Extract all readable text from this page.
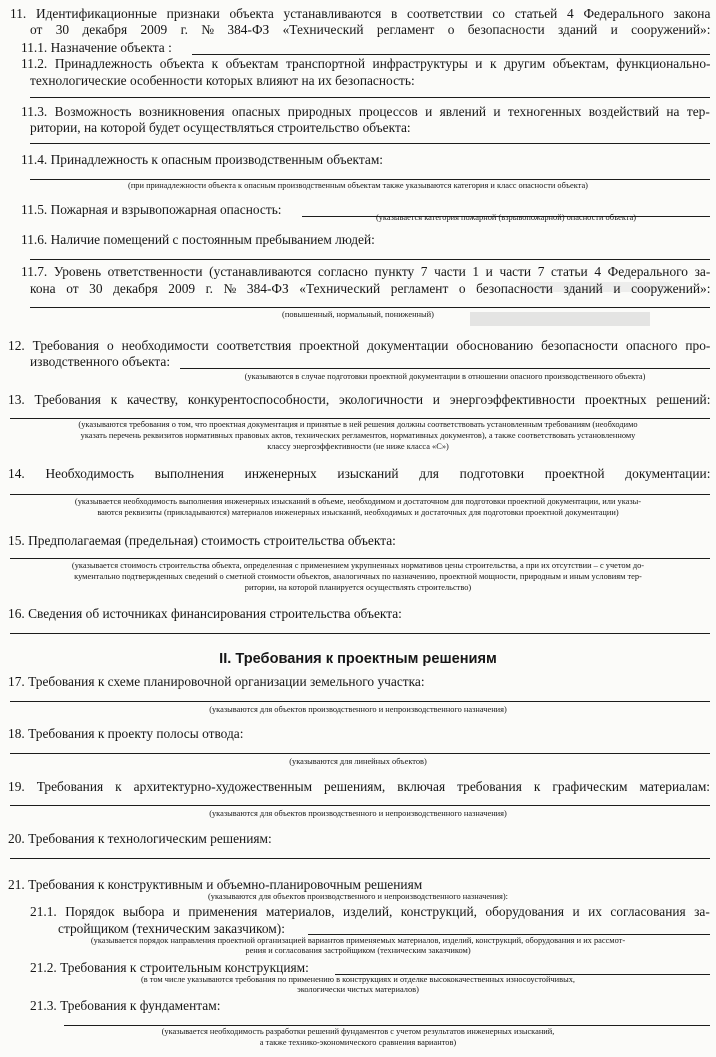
11. Идентификационные признаки объекта устанавливаются в соответствии со статьей 4 Федерального закона
от 30 декабря 2009 г. № 384-ФЗ «Технический регламент о безопасности зданий и сооружений»:
11.1. Назначение объекта :
11.2. Принадлежность объекта к объектам транспортной инфраструктуры и к другим объектам, функционально-
технологические особенности которых влияют на их безопасность:
11.3. Возможность возникновения опасных природных процессов и явлений и техногенных воздействий на тер-
ритории, на которой будет осуществляться строительство объекта:
11.4. Принадлежность к опасным производственным объектам:
(при принадлежности объекта к опасным производственным объектам также указываются категория и класс опасности объекта)
11.5. Пожарная и взрывопожарная опасность:
(указывается категория пожарной (взрывопожарной) опасности объекта)
11.6. Наличие помещений с постоянным пребыванием людей:
11.7. Уровень ответственности (устанавливаются согласно пункту 7 части 1 и части 7 статьи 4 Федерального за-
кона от 30 декабря 2009 г. № 384-ФЗ «Технический регламент о безопасности зданий и сооружений»:
(повышенный, нормальный, пониженный)
12. Требования о необходимости соответствия проектной документации обоснованию безопасности опасного про-
изводственного объекта:
(указываются в случае подготовки проектной документации в отношении опасного производственного объекта)
13. Требования к качеству, конкурентоспособности, экологичности и энергоэффективности проектных решений:
(указываются требования о том, что проектная документация и принятые в ней решения должны соответствовать установленным требованиям (необходимо
указать перечень реквизитов нормативных правовых актов, технических регламентов, нормативных документов), а также соответствовать установленному
классу энергоэффективности (не ниже класса «С»)
14. Необходимость выполнения инженерных изысканий для подготовки проектной документации:
(указывается необходимость выполнения инженерных изысканий в объеме, необходимом и достаточном для подготовки проектной документации, или указы-
ваются реквизиты (прикладываются) материалов инженерных изысканий, необходимых и достаточных для подготовки проектной документации)
15. Предполагаемая (предельная) стоимость строительства объекта:
(указывается стоимость строительства объекта, определенная с применением укрупненных нормативов цены строительства, а при их отсутствии – с учетом до-
кументально подтвержденных сведений о сметной стоимости объектов, аналогичных по назначению, проектной мощности, природным и иным условиям тер-
ритории, на которой планируется осуществлять строительство)
16. Сведения об источниках финансирования строительства объекта:
II. Требования к проектным решениям
17. Требования к схеме планировочной организации земельного участка:
(указываются для объектов производственного и непроизводственного назначения)
18. Требования к проекту полосы отвода:
(указываются для линейных объектов)
19. Требования к архитектурно-художественным решениям, включая требования к графическим материалам:
(указываются для объектов производственного и непроизводственного назначения)
20. Требования к технологическим решениям:
21. Требования к конструктивным и объемно-планировочным решениям
(указываются для объектов производственного и непроизводственного назначения):
21.1. Порядок выбора и применения материалов, изделий, конструкций, оборудования и их согласования за-
стройщиком (техническим заказчиком):
(указывается порядок направления проектной организацией вариантов применяемых материалов, изделий, конструкций, оборудования и их рассмот-
рения и согласования застройщиком (техническим заказчиком)
21.2. Требования к строительным конструкциям:
(в том числе указываются требования по применению в конструкциях и отделке высококачественных износоустойчивых,
экологически чистых материалов)
21.3. Требования к фундаментам:
(указывается необходимость разработки решений фундаментов с учетом результатов инженерных изысканий,
а также технико-экономического сравнения вариантов)
